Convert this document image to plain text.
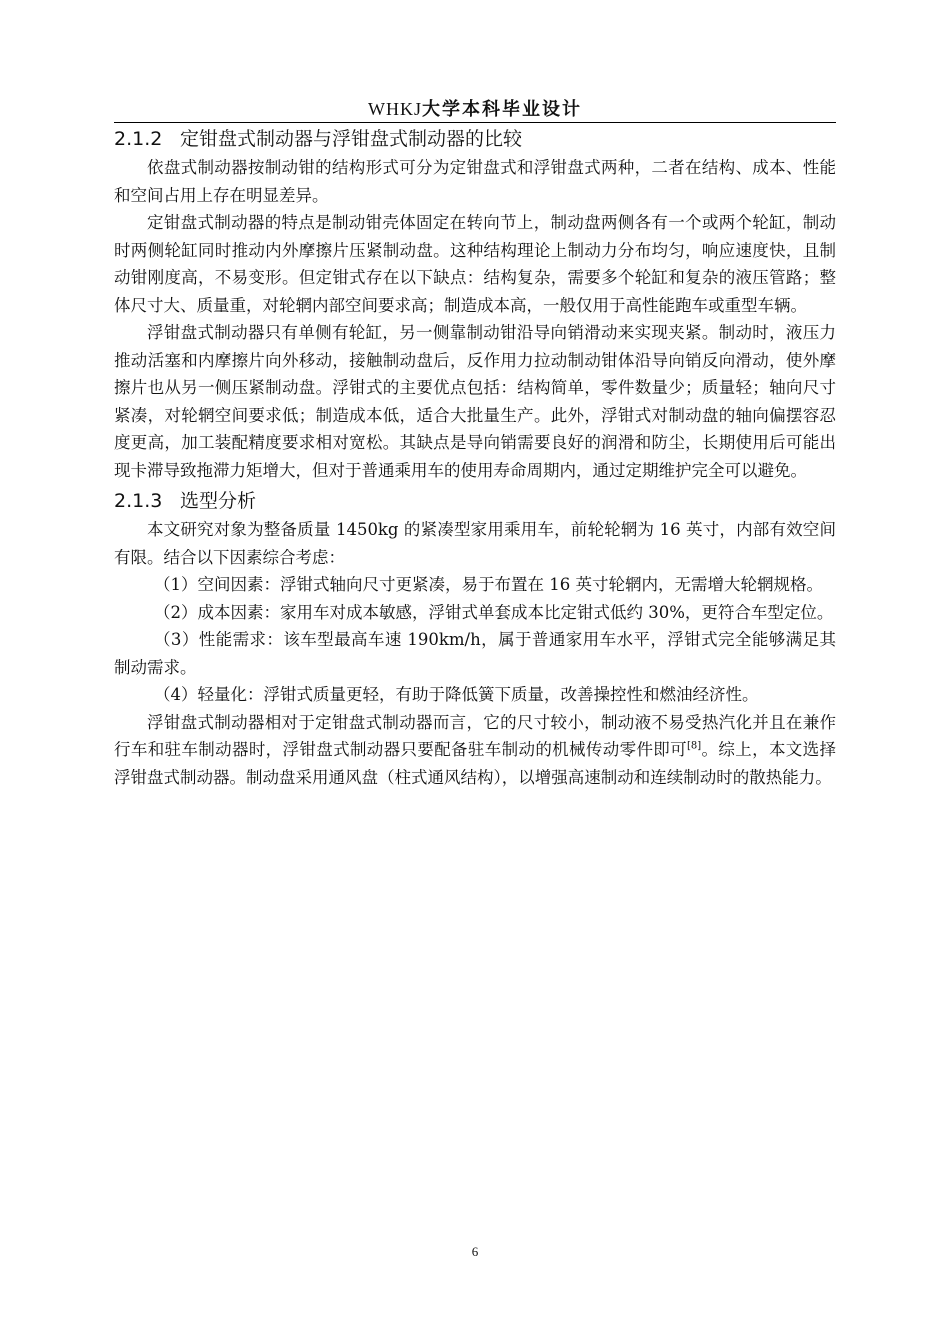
WHKJ大学本科毕业设计
2.1.2 定钳盘式制动器与浮钳盘式制动器的比较

依盘式制动器按制动钳的结构形式可分为定钳盘式和浮钳盘式两种，二者在结构、成本、性能和空间占用上存在明显差异。

定钳盘式制动器的特点是制动钳壳体固定在转向节上，制动盘两侧各有一个或两个轮缸，制动时两侧轮缸同时推动内外摩擦片压紧制动盘。这种结构理论上制动力分布均匀，响应速度快，且制动钳刚度高，不易变形。但定钳式存在以下缺点：结构复杂，需要多个轮缸和复杂的液压管路；整体尺寸大、质量重，对轮辋内部空间要求高；制造成本高，一般仅用于高性能跑车或重型车辆。

浮钳盘式制动器只有单侧有轮缸，另一侧靠制动钳沿导向销滑动来实现夹紧。制动时，液压力推动活塞和内摩擦片向外移动，接触制动盘后，反作用力拉动制动钳体沿导向销反向滑动，使外摩擦片也从另一侧压紧制动盘。浮钳式的主要优点包括：结构简单，零件数量少；质量轻；轴向尺寸紧凑，对轮辋空间要求低；制造成本低，适合大批量生产。此外，浮钳式对制动盘的轴向偏摆容忍度更高，加工装配精度要求相对宽松。其缺点是导向销需要良好的润滑和防尘，长期使用后可能出现卡滞导致拖滞力矩增大，但对于普通乘用车的使用寿命周期内，通过定期维护完全可以避免。

2.1.3 选型分析

本文研究对象为整备质量 1450kg 的紧凑型家用乘用车，前轮轮辋为 16 英寸，内部有效空间有限。结合以下因素综合考虑：

（1）空间因素：浮钳式轴向尺寸更紧凑，易于布置在 16 英寸轮辋内，无需增大轮辋规格。

（2）成本因素：家用车对成本敏感，浮钳式单套成本比定钳式低约 30%，更符合车型定位。

（3）性能需求：该车型最高车速 190km/h，属于普通家用车水平，浮钳式完全能够满足其制动需求。

（4）轻量化：浮钳式质量更轻，有助于降低簧下质量，改善操控性和燃油经济性。

浮钳盘式制动器相对于定钳盘式制动器而言，它的尺寸较小，制动液不易受热汽化并且在兼作行车和驻车制动器时，浮钳盘式制动器只要配备驻车制动的机械传动零件即可[8]。综上，本文选择浮钳盘式制动器。制动盘采用通风盘（柱式通风结构），以增强高速制动和连续制动时的散热能力。

6
